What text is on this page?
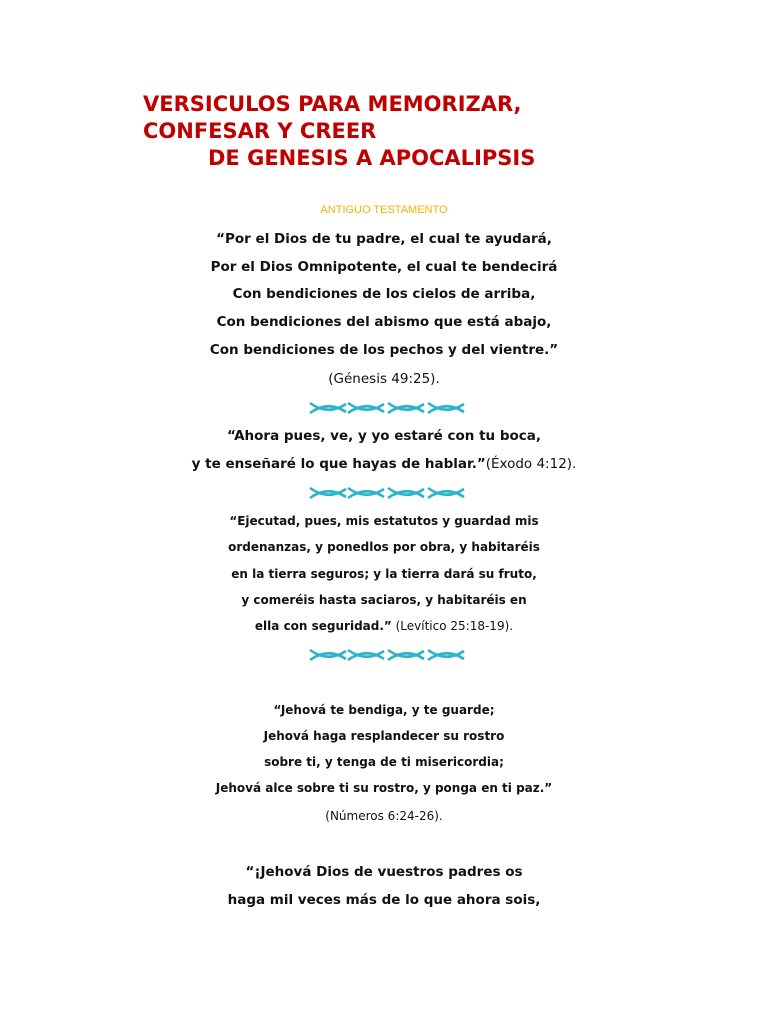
VERSICULOS PARA MEMORIZAR,
CONFESAR Y CREER
DE GENESIS A APOCALIPSIS
ANTIGUO TESTAMENTO
“Por el Dios de tu padre, el cual te ayudará,
Por el Dios Omnipotente, el cual te bendecirá
Con bendiciones de los cielos de arriba,
Con bendiciones del abismo que está abajo,
Con bendiciones de los pechos y del vientre.”
(Génesis 49:25).
“Ahora pues, ve, y yo estaré con tu boca,
y te enseñaré lo que hayas de hablar.”(Éxodo 4:12).
“Ejecutad, pues, mis estatutos y guardad mis
ordenanzas, y ponedlos por obra, y habitaréis
en la tierra seguros; y la tierra dará su fruto,
y comeréis hasta saciaros, y habitaréis en
ella con seguridad.” (Levítico 25:18-19).
“Jehová te bendiga, y te guarde;
Jehová haga resplandecer su rostro
sobre ti, y tenga de ti misericordia;
Jehová alce sobre ti su rostro, y ponga en ti paz.”
(Números 6:24-26).
“¡Jehová Dios de vuestros padres os
haga mil veces más de lo que ahora sois,
